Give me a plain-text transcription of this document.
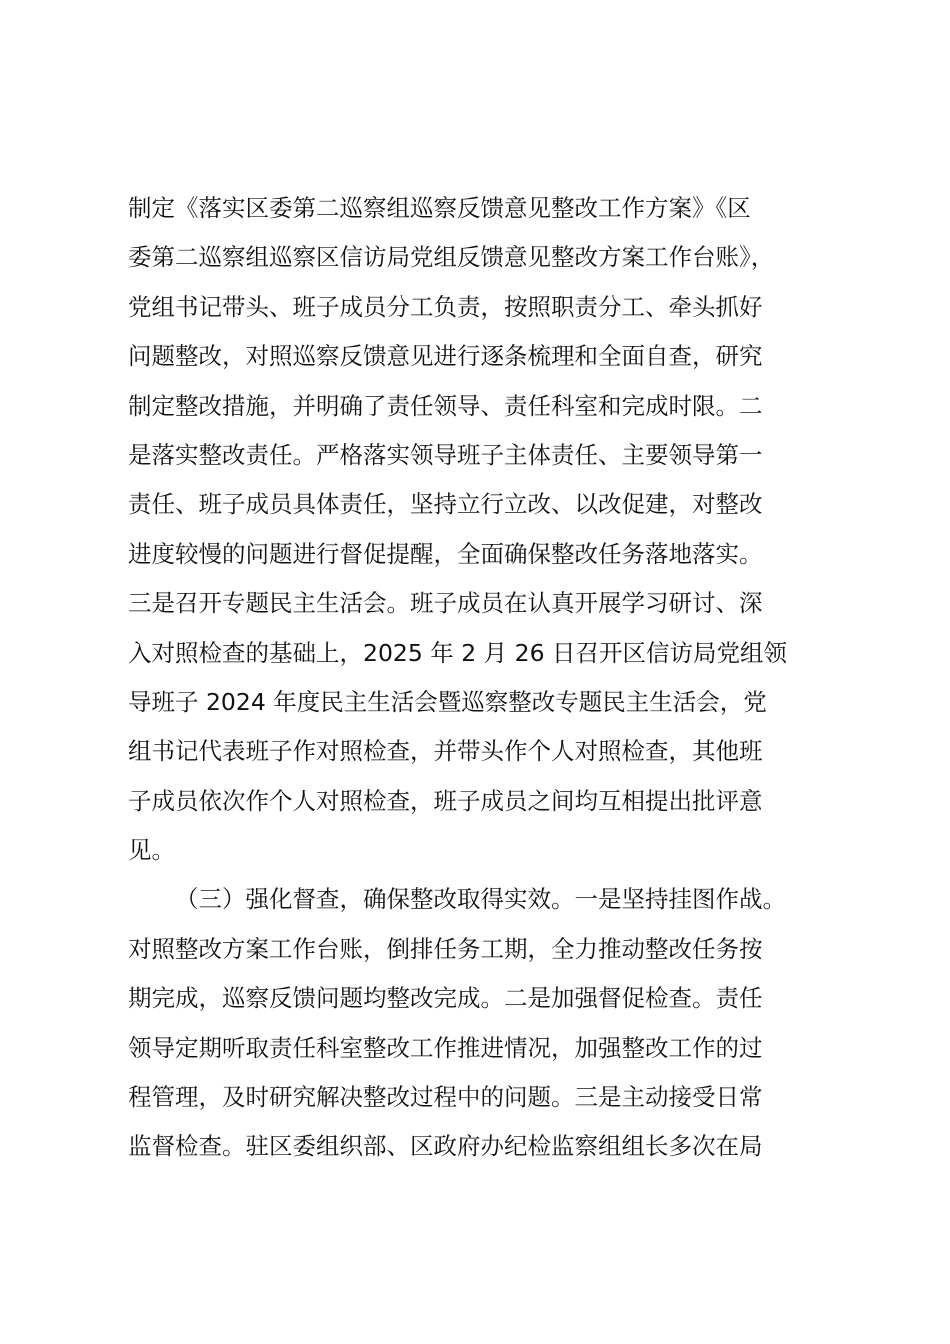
制定《落实区委第二巡察组巡察反馈意见整改工作方案》《区
委第二巡察组巡察区信访局党组反馈意见整改方案工作台账》，
党组书记带头、班子成员分工负责，按照职责分工、牵头抓好
问题整改，对照巡察反馈意见进行逐条梳理和全面自查，研究
制定整改措施，并明确了责任领导、责任科室和完成时限。二
是落实整改责任。严格落实领导班子主体责任、主要领导第一
责任、班子成员具体责任，坚持立行立改、以改促建，对整改
进度较慢的问题进行督促提醒，全面确保整改任务落地落实。
三是召开专题民主生活会。班子成员在认真开展学习研讨、深
入对照检查的基础上，2025 年 2 月 26 日召开区信访局党组领
导班子 2024 年度民主生活会暨巡察整改专题民主生活会，党
组书记代表班子作对照检查，并带头作个人对照检查，其他班
子成员依次作个人对照检查，班子成员之间均互相提出批评意
见。
（三）强化督查，确保整改取得实效。一是坚持挂图作战。
对照整改方案工作台账，倒排任务工期，全力推动整改任务按
期完成，巡察反馈问题均整改完成。二是加强督促检查。责任
领导定期听取责任科室整改工作推进情况，加强整改工作的过
程管理，及时研究解决整改过程中的问题。三是主动接受日常
监督检查。驻区委组织部、区政府办纪检监察组组长多次在局
